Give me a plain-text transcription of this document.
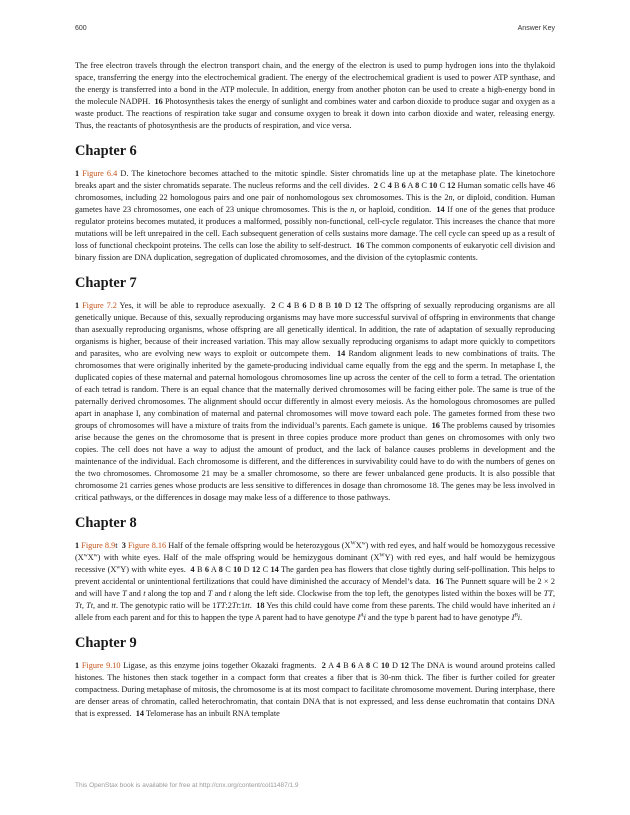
600	Answer Key

The free electron travels through the electron transport chain, and the energy of the electron is used to pump hydrogen ions into the thylakoid space, transferring the energy into the electrochemical gradient. The energy of the electrochemical gradient is used to power ATP synthase, and the energy is transferred into a bond in the ATP molecule. In addition, energy from another photon can be used to create a high-energy bond in the molecule NADPH. 16 Photosynthesis takes the energy of sunlight and combines water and carbon dioxide to produce sugar and oxygen as a waste product. The reactions of respiration take sugar and consume oxygen to break it down into carbon dioxide and water, releasing energy. Thus, the reactants of photosynthesis are the products of respiration, and vice versa.

Chapter 6

1 Figure 6.4 D. The kinetochore becomes attached to the mitotic spindle. Sister chromatids line up at the metaphase plate. The kinetochore breaks apart and the sister chromatids separate. The nucleus reforms and the cell divides. 2 C 4 B 6 A 8 C 10 C 12 Human somatic cells have 46 chromosomes, including 22 homologous pairs and one pair of nonhomologous sex chromosomes. This is the 2n, or diploid, condition. Human gametes have 23 chromosomes, one each of 23 unique chromosomes. This is the n, or haploid, condition. 14 If one of the genes that produce regulator proteins becomes mutated, it produces a malformed, possibly non-functional, cell-cycle regulator. This increases the chance that more mutations will be left unrepaired in the cell. Each subsequent generation of cells sustains more damage. The cell cycle can speed up as a result of loss of functional checkpoint proteins. The cells can lose the ability to self-destruct. 16 The common components of eukaryotic cell division and binary fission are DNA duplication, segregation of duplicated chromosomes, and the division of the cytoplasmic contents.

Chapter 7

1 Figure 7.2 Yes, it will be able to reproduce asexually. 2 C 4 B 6 D 8 B 10 D 12 The offspring of sexually reproducing organisms are all genetically unique. Because of this, sexually reproducing organisms may have more successful survival of offspring in environments that change than asexually reproducing organisms, whose offspring are all genetically identical. In addition, the rate of adaptation of sexually reproducing organisms is higher, because of their increased variation. This may allow sexually reproducing organisms to adapt more quickly to competitors and parasites, who are evolving new ways to exploit or outcompete them. 14 Random alignment leads to new combinations of traits. The chromosomes that were originally inherited by the gamete-producing individual came equally from the egg and the sperm. In metaphase I, the duplicated copies of these maternal and paternal homologous chromosomes line up across the center of the cell to form a tetrad. The orientation of each tetrad is random. There is an equal chance that the maternally derived chromosomes will be facing either pole. The same is true of the paternally derived chromosomes. The alignment should occur differently in almost every meiosis. As the homologous chromosomes are pulled apart in anaphase I, any combination of maternal and paternal chromosomes will move toward each pole. The gametes formed from these two groups of chromosomes will have a mixture of traits from the individual’s parents. Each gamete is unique. 16 The problems caused by trisomies arise because the genes on the chromosome that is present in three copies produce more product than genes on chromosomes with only two copies. The cell does not have a way to adjust the amount of product, and the lack of balance causes problems in development and the maintenance of the individual. Each chromosome is different, and the differences in survivability could have to do with the numbers of genes on the two chromosomes. Chromosome 21 may be a smaller chromosome, so there are fewer unbalanced gene products. It is also possible that chromosome 21 carries genes whose products are less sensitive to differences in dosage than chromosome 18. The genes may be less involved in critical pathways, or the differences in dosage may make less of a difference to those pathways.

Chapter 8

1 Figure 8.9t 3 Figure 8.16 Half of the female offspring would be heterozygous $(X^WX^w)$ with red eyes, and half would be homozygous recessive $(X^wX^w)$ with white eyes. Half of the male offspring would be hemizygous dominant $(X^WY)$ with red eyes, and half would be hemizygous recessive $(X^wY)$ with white eyes. 4 B 6 A 8 C 10 D 12 C 14 The garden pea has flowers that close tightly during self-pollination. This helps to prevent accidental or unintentional fertilizations that could have diminished the accuracy of Mendel’s data. 16 The Punnett square will be 2 × 2 and will have T and t along the top and T and t along the left side. Clockwise from the top left, the genotypes listed within the boxes will be TT, Tt, Tt, and tt. The genotypic ratio will be 1TT:2Tt:1tt. 18 Yes this child could have come from these parents. The child would have inherited an i allele from each parent and for this to happen the type A parent had to have genotype $I^Ai$ and the type b parent had to have genotype $I^Bi$.

Chapter 9

1 Figure 9.10 Ligase, as this enzyme joins together Okazaki fragments. 2 A 4 B 6 A 8 C 10 D 12 The DNA is wound around proteins called histones. The histones then stack together in a compact form that creates a fiber that is 30-nm thick. The fiber is further coiled for greater compactness. During metaphase of mitosis, the chromosome is at its most compact to facilitate chromosome movement. During interphase, there are denser areas of chromatin, called heterochromatin, that contain DNA that is not expressed, and less dense euchromatin that contains DNA that is expressed. 14 Telomerase has an inbuilt RNA template

This OpenStax book is available for free at http://cnx.org/content/col11487/1.9
